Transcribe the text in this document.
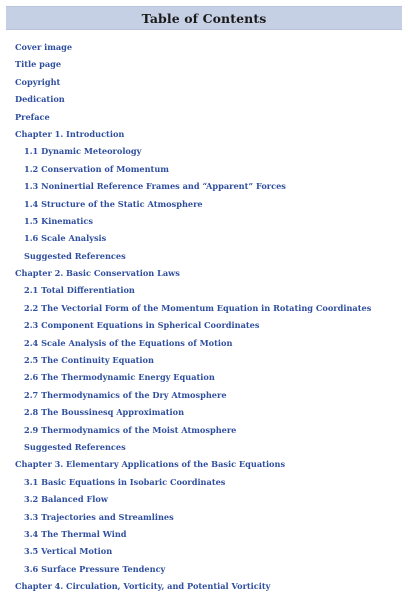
Table of Contents
Cover image
Title page
Copyright
Dedication
Preface
Chapter 1. Introduction
1.1 Dynamic Meteorology
1.2 Conservation of Momentum
1.3 Noninertial Reference Frames and “Apparent” Forces
1.4 Structure of the Static Atmosphere
1.5 Kinematics
1.6 Scale Analysis
Suggested References
Chapter 2. Basic Conservation Laws
2.1 Total Differentiation
2.2 The Vectorial Form of the Momentum Equation in Rotating Coordinates
2.3 Component Equations in Spherical Coordinates
2.4 Scale Analysis of the Equations of Motion
2.5 The Continuity Equation
2.6 The Thermodynamic Energy Equation
2.7 Thermodynamics of the Dry Atmosphere
2.8 The Boussinesq Approximation
2.9 Thermodynamics of the Moist Atmosphere
Suggested References
Chapter 3. Elementary Applications of the Basic Equations
3.1 Basic Equations in Isobaric Coordinates
3.2 Balanced Flow
3.3 Trajectories and Streamlines
3.4 The Thermal Wind
3.5 Vertical Motion
3.6 Surface Pressure Tendency
Chapter 4. Circulation, Vorticity, and Potential Vorticity
